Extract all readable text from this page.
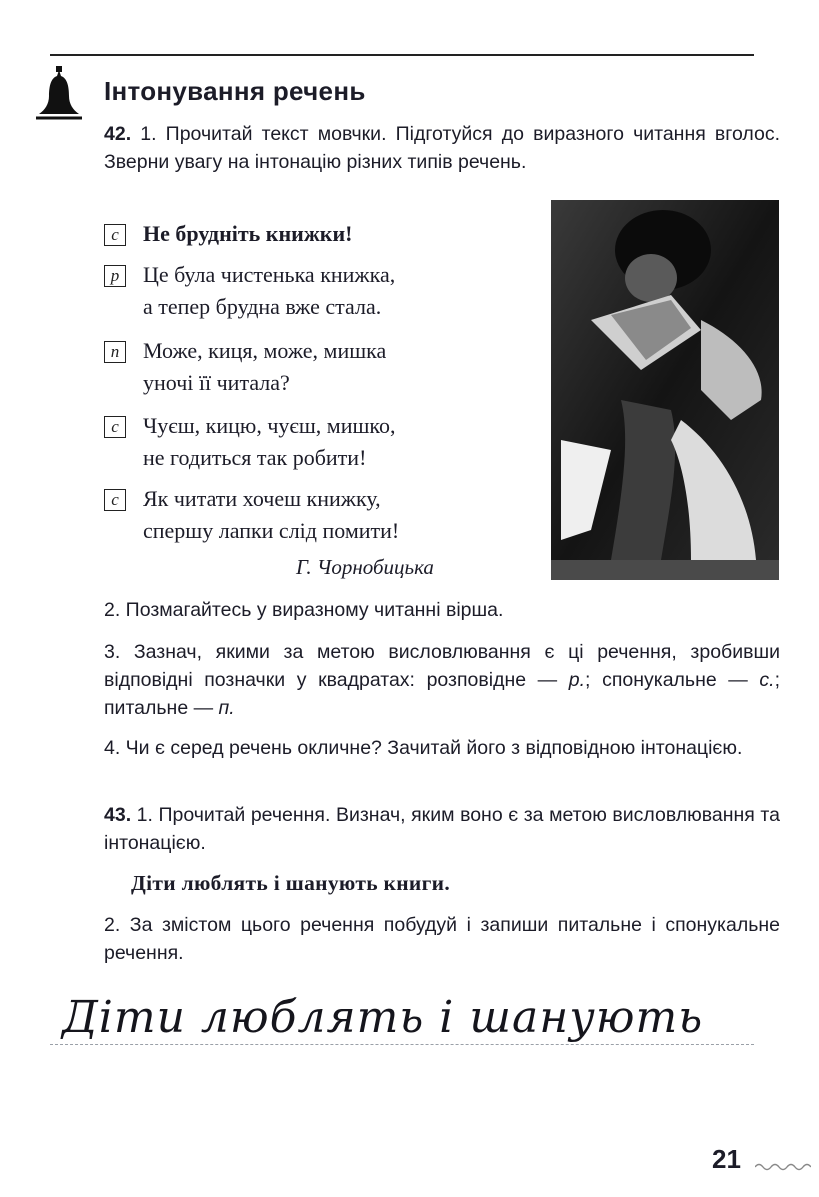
Інтонування речень
42. 1. Прочитай текст мовчки. Підготуйся до виразного читання вголос. Зверни увагу на інтонацію різних типів речень.
с	Не брудніть книжки!
р	Це була чистенька книжка,
а тепер брудна вже стала.
п	Може, киця, може, мишка
уночі її читала?
с	Чуєш, кицю, чуєш, мишко,
не годиться так робити!
с	Як читати хочеш книжку,
спершу лапки слід помити!
Г. Чорнобицька
2. Позмагайтесь у виразному читанні вірша.
3. Зазнач, якими за метою висловлювання є ці речення, зробивши відповідні позначки у квадратах: розповідне — р.; спонукальне — с.; питальне — п.
4. Чи є серед речень окличне? Зачитай його з відповідною інтонацією.
43. 1. Прочитай речення. Визнач, яким воно є за метою висловлювання та інтонацією.
Діти люблять і шанують книги.
2. За змістом цього речення побудуй і запиши питальне і спонукальне речення.
Діти люблять і шанують
21
